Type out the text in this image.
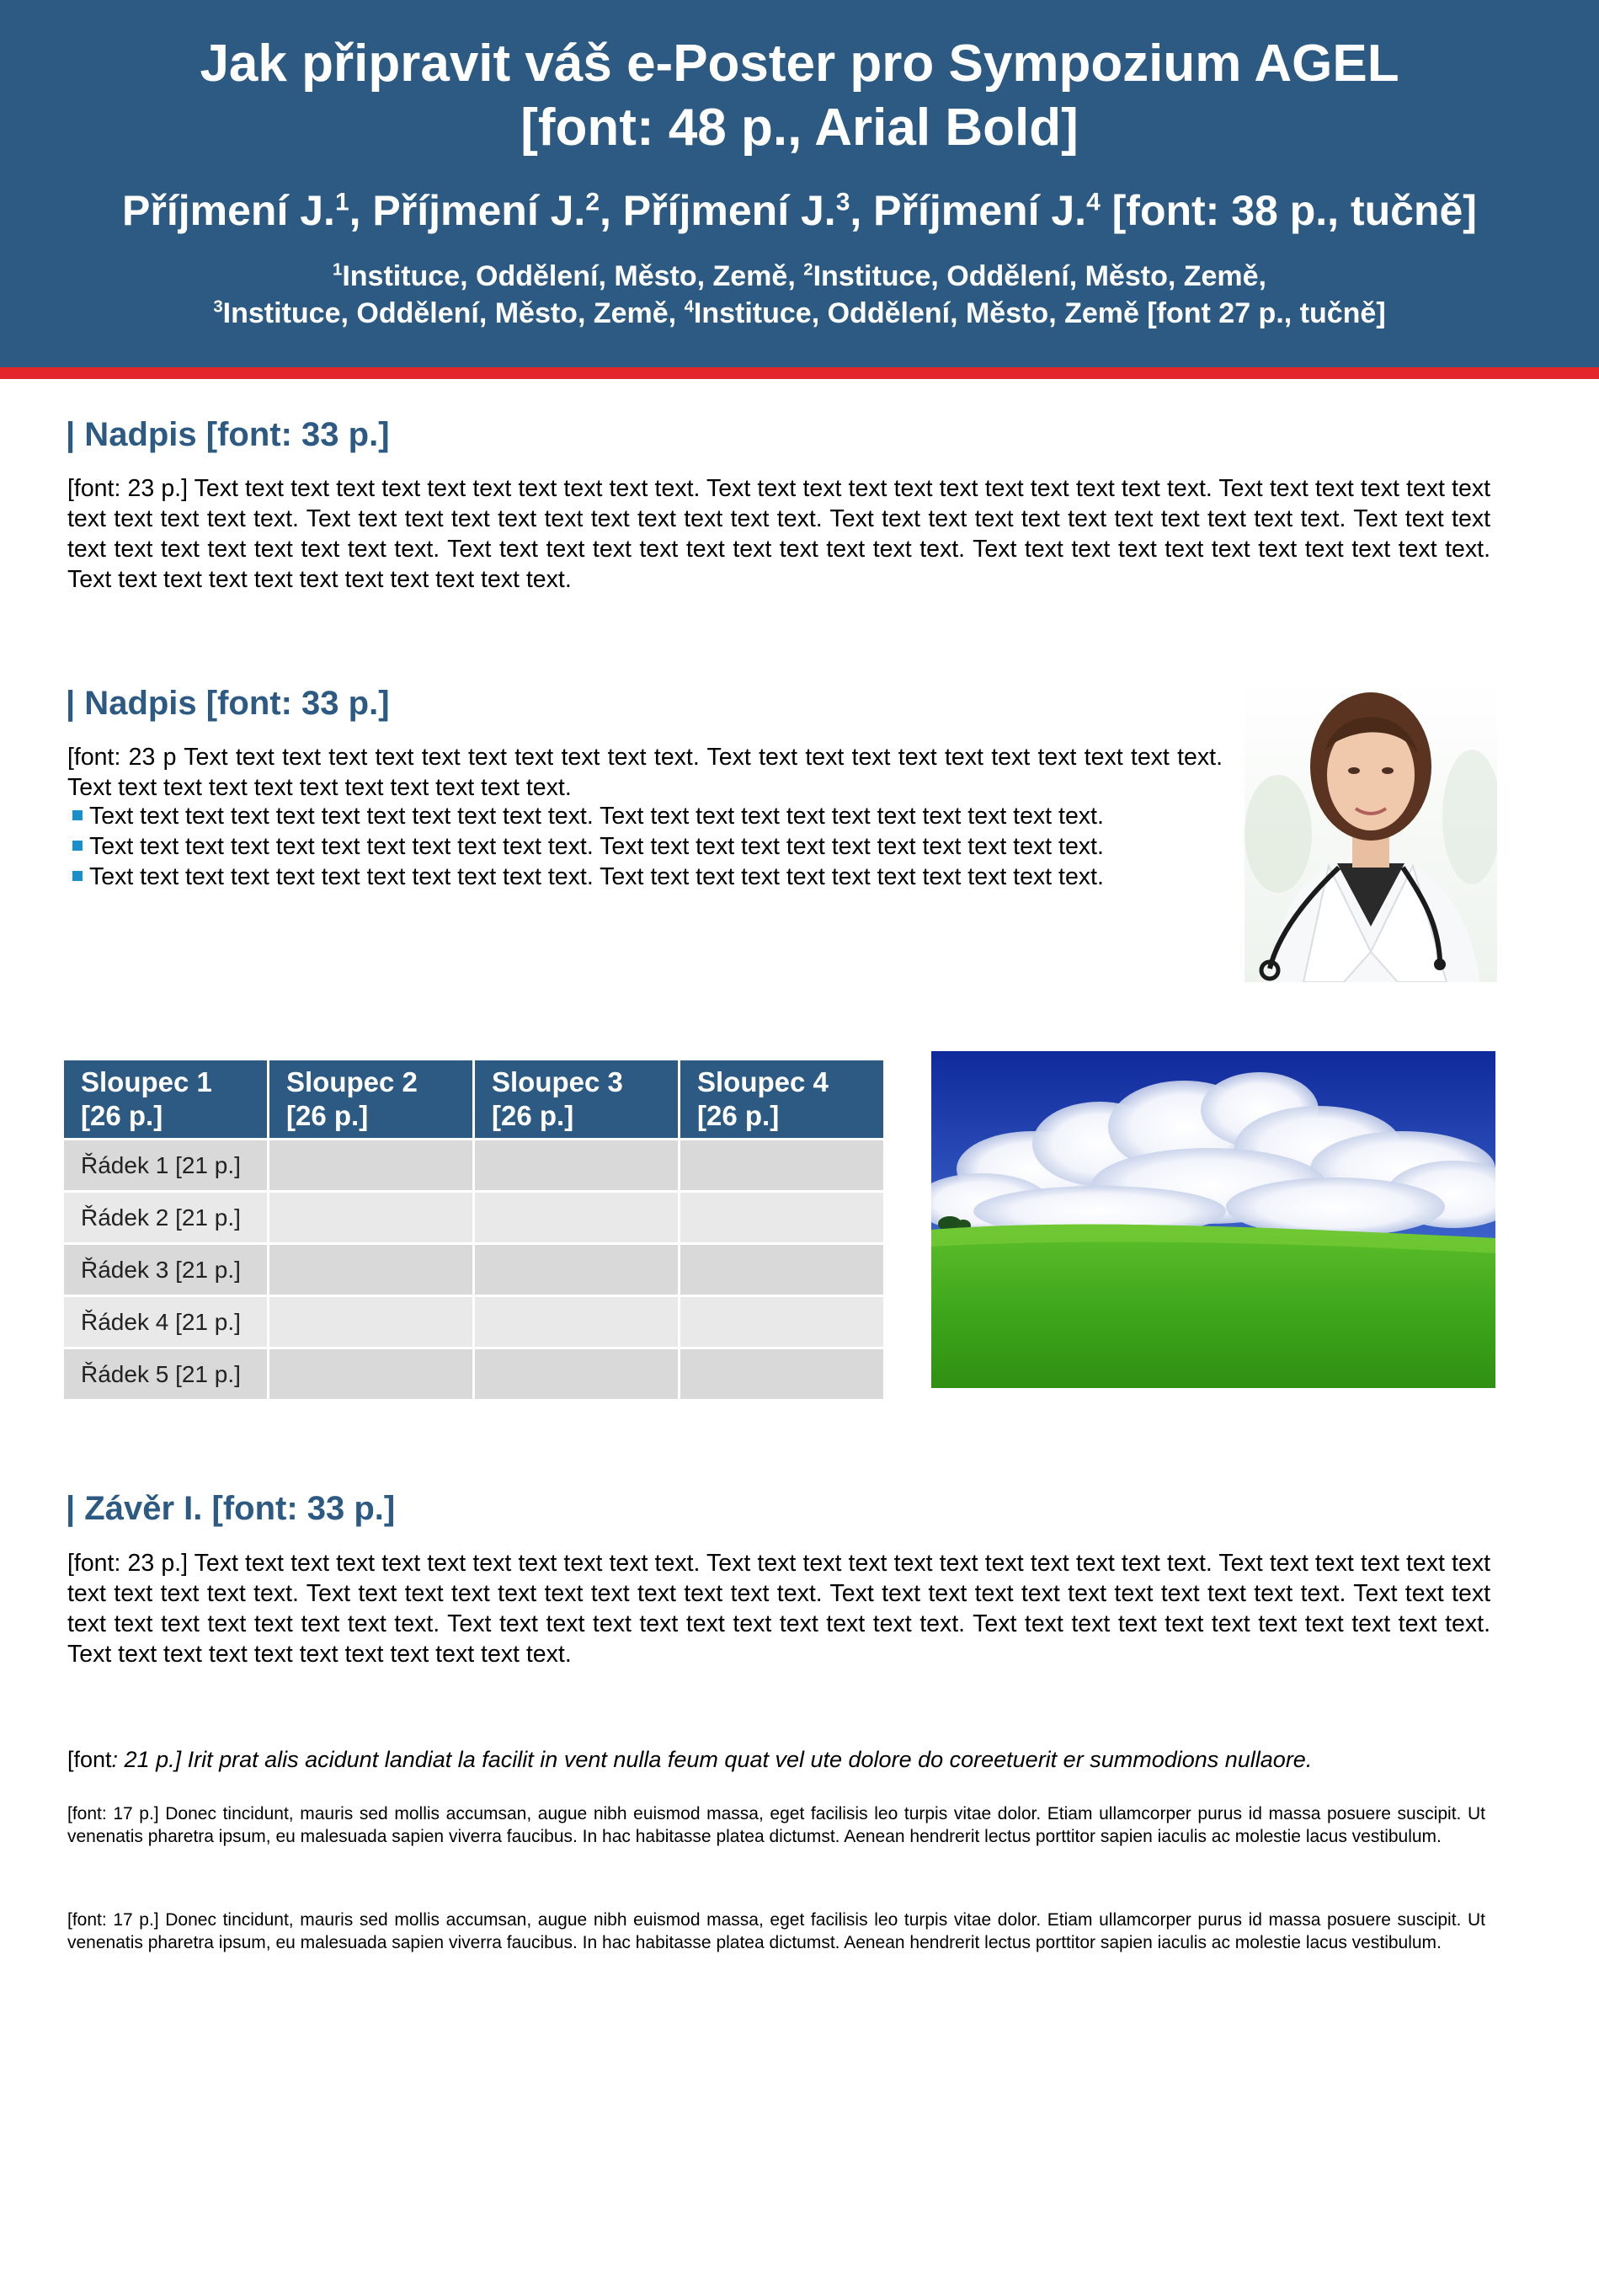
Jak připravit váš e-Poster pro Sympozium AGEL
[font: 48 p., Arial Bold]
Příjmení J.$^1$, Příjmení J.$^2$, Příjmení J.$^3$, Příjmení J.$^4$ [font: 38 p., tučně]
$^1$Instituce, Oddělení, Město, Země, $^2$Instituce, Oddělení, Město, Země,
$^3$Instituce, Oddělení, Město, Země, $^4$Instituce, Oddělení, Město, Země [font 27 p., tučně]
| Nadpis [font: 33 p.]
[font: 23 p.] Text text text text text text text text text text text. Text text text text text text text text text text text. Text text text text text text text text text text text. Text text text text text text text text text text text. Text text text text text text text text text text text. Text text text text text text text text text text text. Text text text text text text text text text text text. Text text text text text text text text text text text. Text text text text text text text text text text text.
| Nadpis [font: 33 p.]
[font: 23 p Text text text text text text text text text text text. Text text text text text text text text text text text. Text text text text text text text text text text text.
Text text text text text text text text text text text. Text text text text text text text text text text text.
Text text text text text text text text text text text. Text text text text text text text text text text text.
Text text text text text text text text text text text. Text text text text text text text text text text text.
Sloupec 1
[26 p.]	Sloupec 2
[26 p.]	Sloupec 3
[26 p.]	Sloupec 4
[26 p.]
Řádek 1 [21 p.]			
Řádek 2 [21 p.]			
Řádek 3 [21 p.]			
Řádek 4 [21 p.]			
Řádek 5 [21 p.]			
| Závěr I. [font: 33 p.]
[font: 23 p.] Text text text text text text text text text text text. Text text text text text text text text text text text. Text text text text text text text text text text text. Text text text text text text text text text text text. Text text text text text text text text text text text. Text text text text text text text text text text text. Text text text text text text text text text text text. Text text text text text text text text text text text. Text text text text text text text text text text text.
[font: 21 p.] Irit prat alis acidunt landiat la facilit in vent nulla feum quat vel ute dolore do coreetuerit er summodions nullaore.
[font: 17 p.] Donec tincidunt, mauris sed mollis accumsan, augue nibh euismod massa, eget facilisis leo turpis vitae dolor. Etiam ullamcorper purus id massa posuere suscipit. Ut venenatis pharetra ipsum, eu malesuada sapien viverra faucibus. In hac habitasse platea dictumst. Aenean hendrerit lectus porttitor sapien iaculis ac molestie lacus vestibulum.
[font: 17 p.] Donec tincidunt, mauris sed mollis accumsan, augue nibh euismod massa, eget facilisis leo turpis vitae dolor. Etiam ullamcorper purus id massa posuere suscipit. Ut venenatis pharetra ipsum, eu malesuada sapien viverra faucibus. In hac habitasse platea dictumst. Aenean hendrerit lectus porttitor sapien iaculis ac molestie lacus vestibulum.
